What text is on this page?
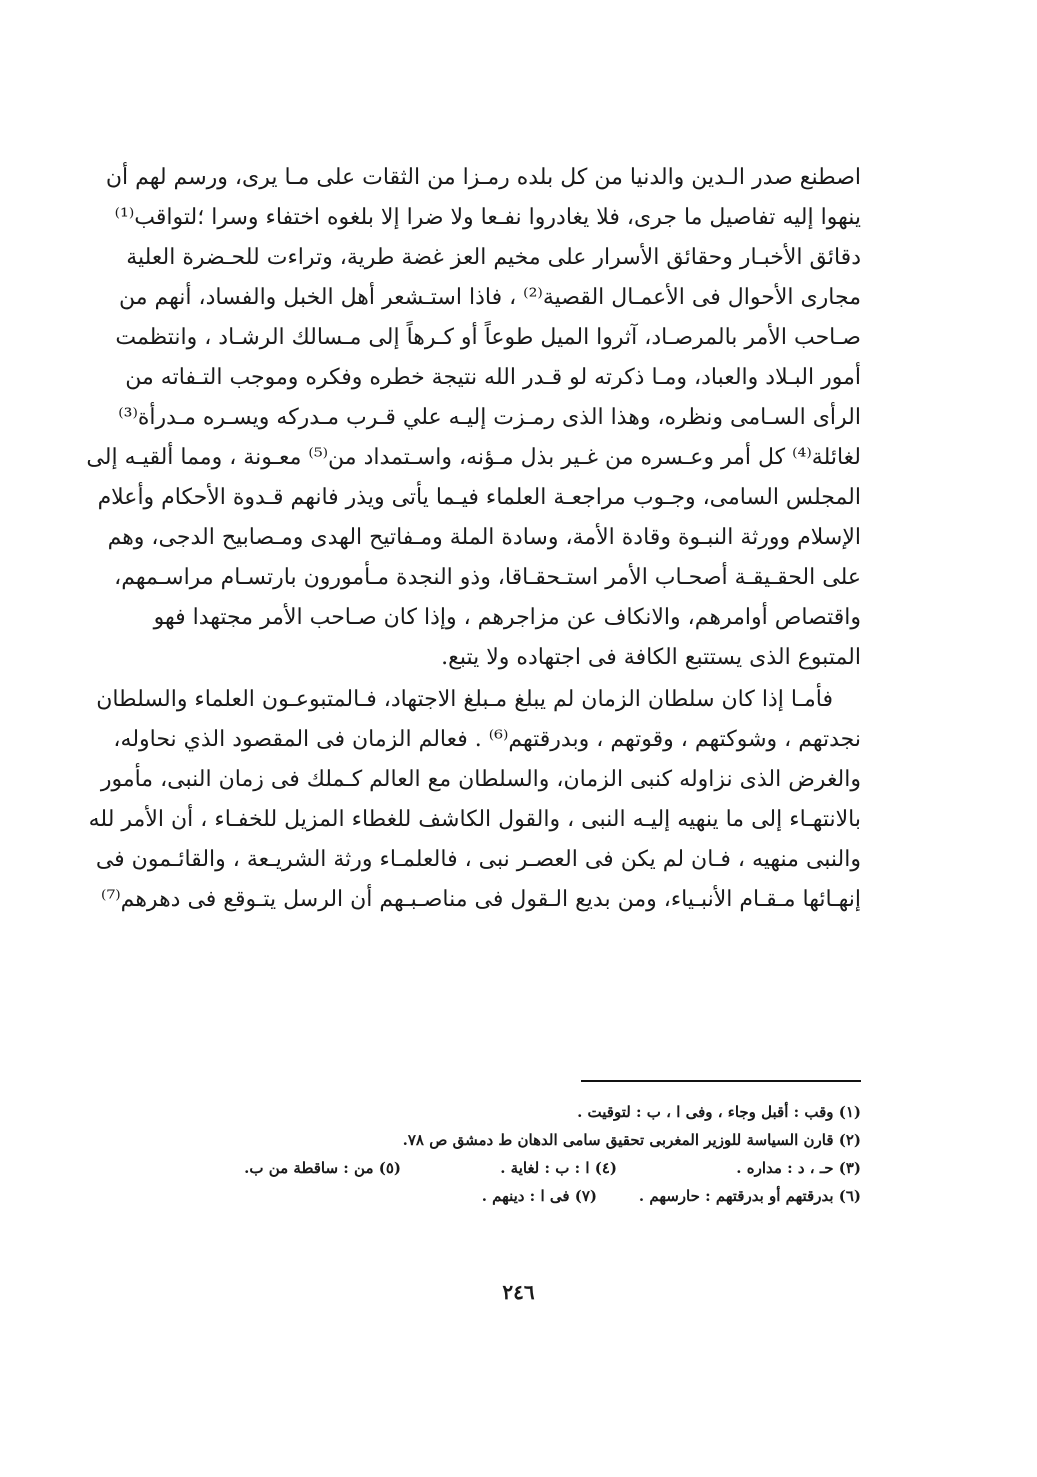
اصطنع صدر الـدين والدنيا من كل بلده رمـزا من الثقات على مـا يرى، ورسم لهم أن
ينهوا إليه تفاصيل ما جرى، فلا يغادروا نفـعا ولا ضرا إلا بلغوه اختفاء وسرا ؛لتواقب⁽¹⁾
دقائق الأخبـار وحقائق الأسرار على مخيم العز غضة طرية، وتراءت للحـضرة العلية
مجارى الأحوال فى الأعمـال القصية⁽²⁾ ، فاذا استـشعر أهل الخبل والفساد، أنهم من
صـاحب الأمر بالمرصـاد، آثروا الميل طوعاً أو كـرهاً إلى مـسالك الرشـاد ، وانتظمت
أمور البـلاد والعباد، ومـا ذكرته لو قـدر الله نتيجة خطره وفكره وموجب التـفاته من
الرأى السـامى ونظره، وهذا الذى رمـزت إليـه علي قـرب مـدركه ويسـره مـدرأة⁽³⁾
لغائلة⁽⁴⁾ كل أمر وعـسره من غـير بذل مـؤنه، واسـتمداد من⁽⁵⁾ معـونة ، ومما ألقيـه إلى
المجلس السامى، وجـوب مراجعـة العلماء فيـما يأتى ويذر فانهم قـدوة الأحكام وأعلام
الإسلام وورثة النبـوة وقادة الأمة، وسادة الملة ومـفاتيح الهدى ومـصابيح الدجى، وهم
على الحقـيقـة أصحـاب الأمر استـحقـاقا، وذو النجدة مـأمورون بارتسـام مراسـمهم،
واقتصاص أوامرهم، والانكاف عن مزاجرهم ، وإذا كان صـاحب الأمر مجتهدا فهو
المتبوع الذى يستتبع الكافة فى اجتهاده ولا يتبع.
فأمـا إذا كان سلطان الزمان لم يبلغ مـبلغ الاجتهاد، فـالمتبوعـون العلماء والسلطان
نجدتهم ، وشوكتهم ، وقوتهم ، وبدرقتهم⁽⁶⁾ . فعالم الزمان فى المقصود الذي نحاوله،
والغرض الذى نزاوله كنبى الزمان، والسلطان مع العالم كـملك فى زمان النبى، مأمور
بالانتهـاء إلى ما ينهيه إليـه النبى ، والقول الكاشف للغطاء المزيل للخفـاء ، أن الأمر لله
والنبى منهيه ، فـان لم يكن فى العصـر نبى ، فالعلمـاء ورثة الشريـعة ، والقائـمون فى
إنهـائها مـقـام الأنبـياء، ومن بديع الـقول فى مناصـبـهم أن الرسل يتـوقع فى دهرهم⁽⁷⁾
(١) وقب : أقبل وجاء ، وفى ا ، ب : لتوقيت .
(٢) قارن السياسة للوزير المغربى تحقيق سامى الدهان ط دمشق ص ٧٨.
(٣) حـ ، د : مداره .
(٤) ا : ب : لغاية .
(٥) من : ساقطة من ب.
(٦) بدرقتهم أو بدرقتهم : حارسهم .
(٧) فى ا : دينهم .
٢٤٦
